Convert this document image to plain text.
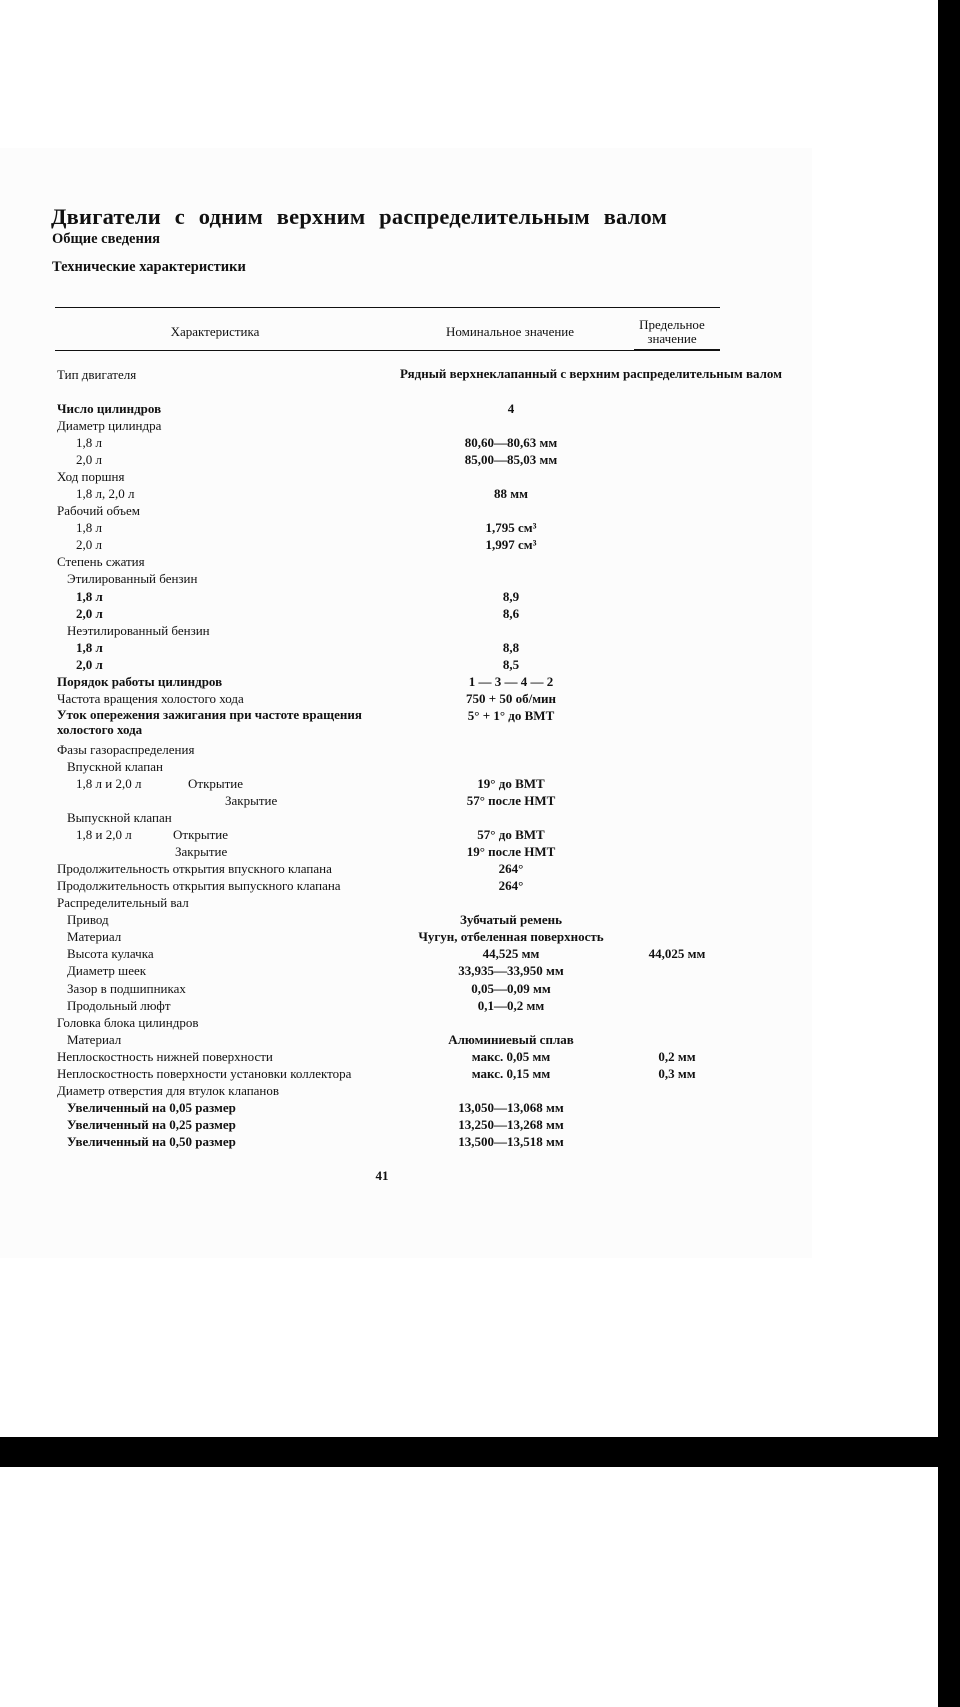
Двигатели с одним верхним распределительным валом
Общие сведения
Технические характеристики
Характеристика	Номинальное значение	Предельное
значение
Тип двигателя	Рядный верхнеклапанный с верхним распределительным валом
Число цилиндров	4
Диаметр цилиндра
1,8 л	80,60—80,63 мм
2,0 л	85,00—85,03 мм
Ход поршня
1,8 л, 2,0 л	88 мм
Рабочий объем
1,8 л	1,795 см³
2,0 л	1,997 см³
Степень сжатия
Этилированный бензин
1,8 л	8,9
2,0 л	8,6
Неэтилированный бензин
1,8 л	8,8
2,0 л	8,5
Порядок работы цилиндров	1 — 3 — 4 — 2
Частота вращения холостого хода	750 + 50 об/мин
Уток опережения зажигания при частоте вращения холостого хода
5° + 1° до ВМТ
Фазы газораспределения
Впускной клапан
1,8 л и 2,0 л	Открытие	19° до ВМТ
Закрытие	57° после НМТ
Выпускной клапан
1,8 и 2,0 л	Открытие	57° до ВМТ
Закрытие	19° после НМТ
Продолжительность открытия впускного клапана	264°
Продолжительность открытия выпускного клапана	264°
Распределительный вал
Привод	Зубчатый ремень
Материал	Чугун, отбеленная поверхность
Высота кулачка	44,525 мм	44,025 мм
Диаметр шеек	33,935—33,950 мм
Зазор в подшипниках	0,05—0,09 мм
Продольный люфт	0,1—0,2 мм
Головка блока цилиндров
Материал	Алюминиевый сплав
Неплоскостность нижней поверхности	макс. 0,05 мм	0,2 мм
Неплоскостность поверхности установки коллектора	макс. 0,15 мм	0,3 мм
Диаметр отверстия для втулок клапанов
Увеличенный на 0,05 размер	13,050—13,068 мм
Увеличенный на 0,25 размер	13,250—13,268 мм
Увеличенный на 0,50 размер	13,500—13,518 мм
41
